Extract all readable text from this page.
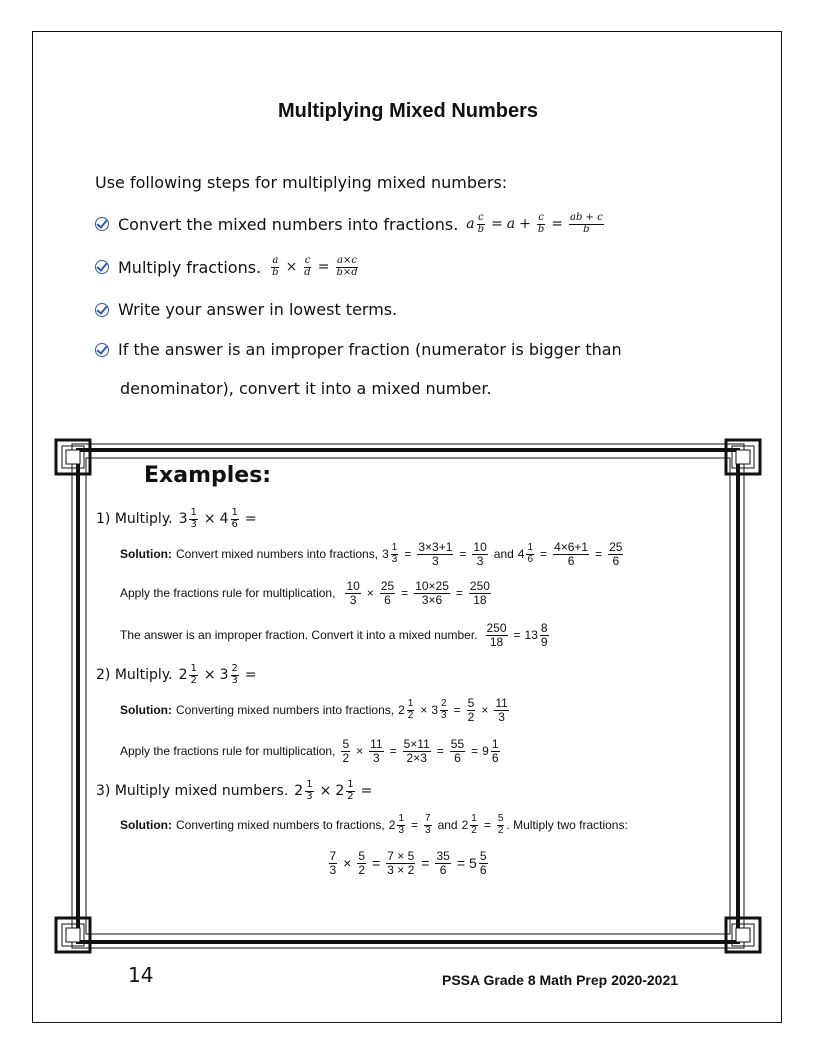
Multiplying Mixed Numbers
Use following steps for multiplying mixed numbers:
Convert the mixed numbers into fractions. a $\frac{c}{b} = a + \frac{c}{b} = \frac{ab + c}{b}$
Multiply fractions. $\frac{a}{b} \times \frac{c}{d} = \frac{a\times c}{b\times d}$
Write your answer in lowest terms.
If the answer is an improper fraction (numerator is bigger than
denominator), convert it into a mixed number.
Examples:
1) Multiply. $3 \frac{1}{3} \times 4 \frac{1}{6}$ =
Solution: Convert mixed numbers into fractions, $3 \frac{1}{3} = \frac{3\times 3+1}{3} = \frac{10}{3}$ and $4 \frac{1}{6} = \frac{4\times 6+1}{6} = \frac{25}{6}$
Apply the fractions rule for multiplication, $\frac{10}{3} \times \frac{25}{6} = \frac{10\times 25}{3\times 6} = \frac{250}{18}$
The answer is an improper fraction. Convert it into a mixed number. $\frac{250}{18} = 13 \frac{8}{9}$
2) Multiply. $2 \frac{1}{2} \times 3 \frac{2}{3}$ =
Solution: Converting mixed numbers into fractions, $2 \frac{1}{2} \times 3 \frac{2}{3} = \frac{5}{2} \times \frac{11}{3}$
Apply the fractions rule for multiplication, $\frac{5}{2} \times \frac{11}{3} = \frac{5\times 11}{2\times 3} = \frac{55}{6} = 9 \frac{1}{6}$
3) Multiply mixed numbers. $2 \frac{1}{3} \times 2 \frac{1}{2}$ =
Solution: Converting mixed numbers to fractions, $2 \frac{1}{3} = \frac{7}{3}$ and $2 \frac{1}{2} = \frac{5}{2}$ . Multiply two fractions:
$\frac{7}{3} \times \frac{5}{2} = \frac{7 \times 5}{3 \times 2} = \frac{35}{6} = 5 \frac{5}{6}$
14	PSSA Grade 8 Math Prep 2020-2021
